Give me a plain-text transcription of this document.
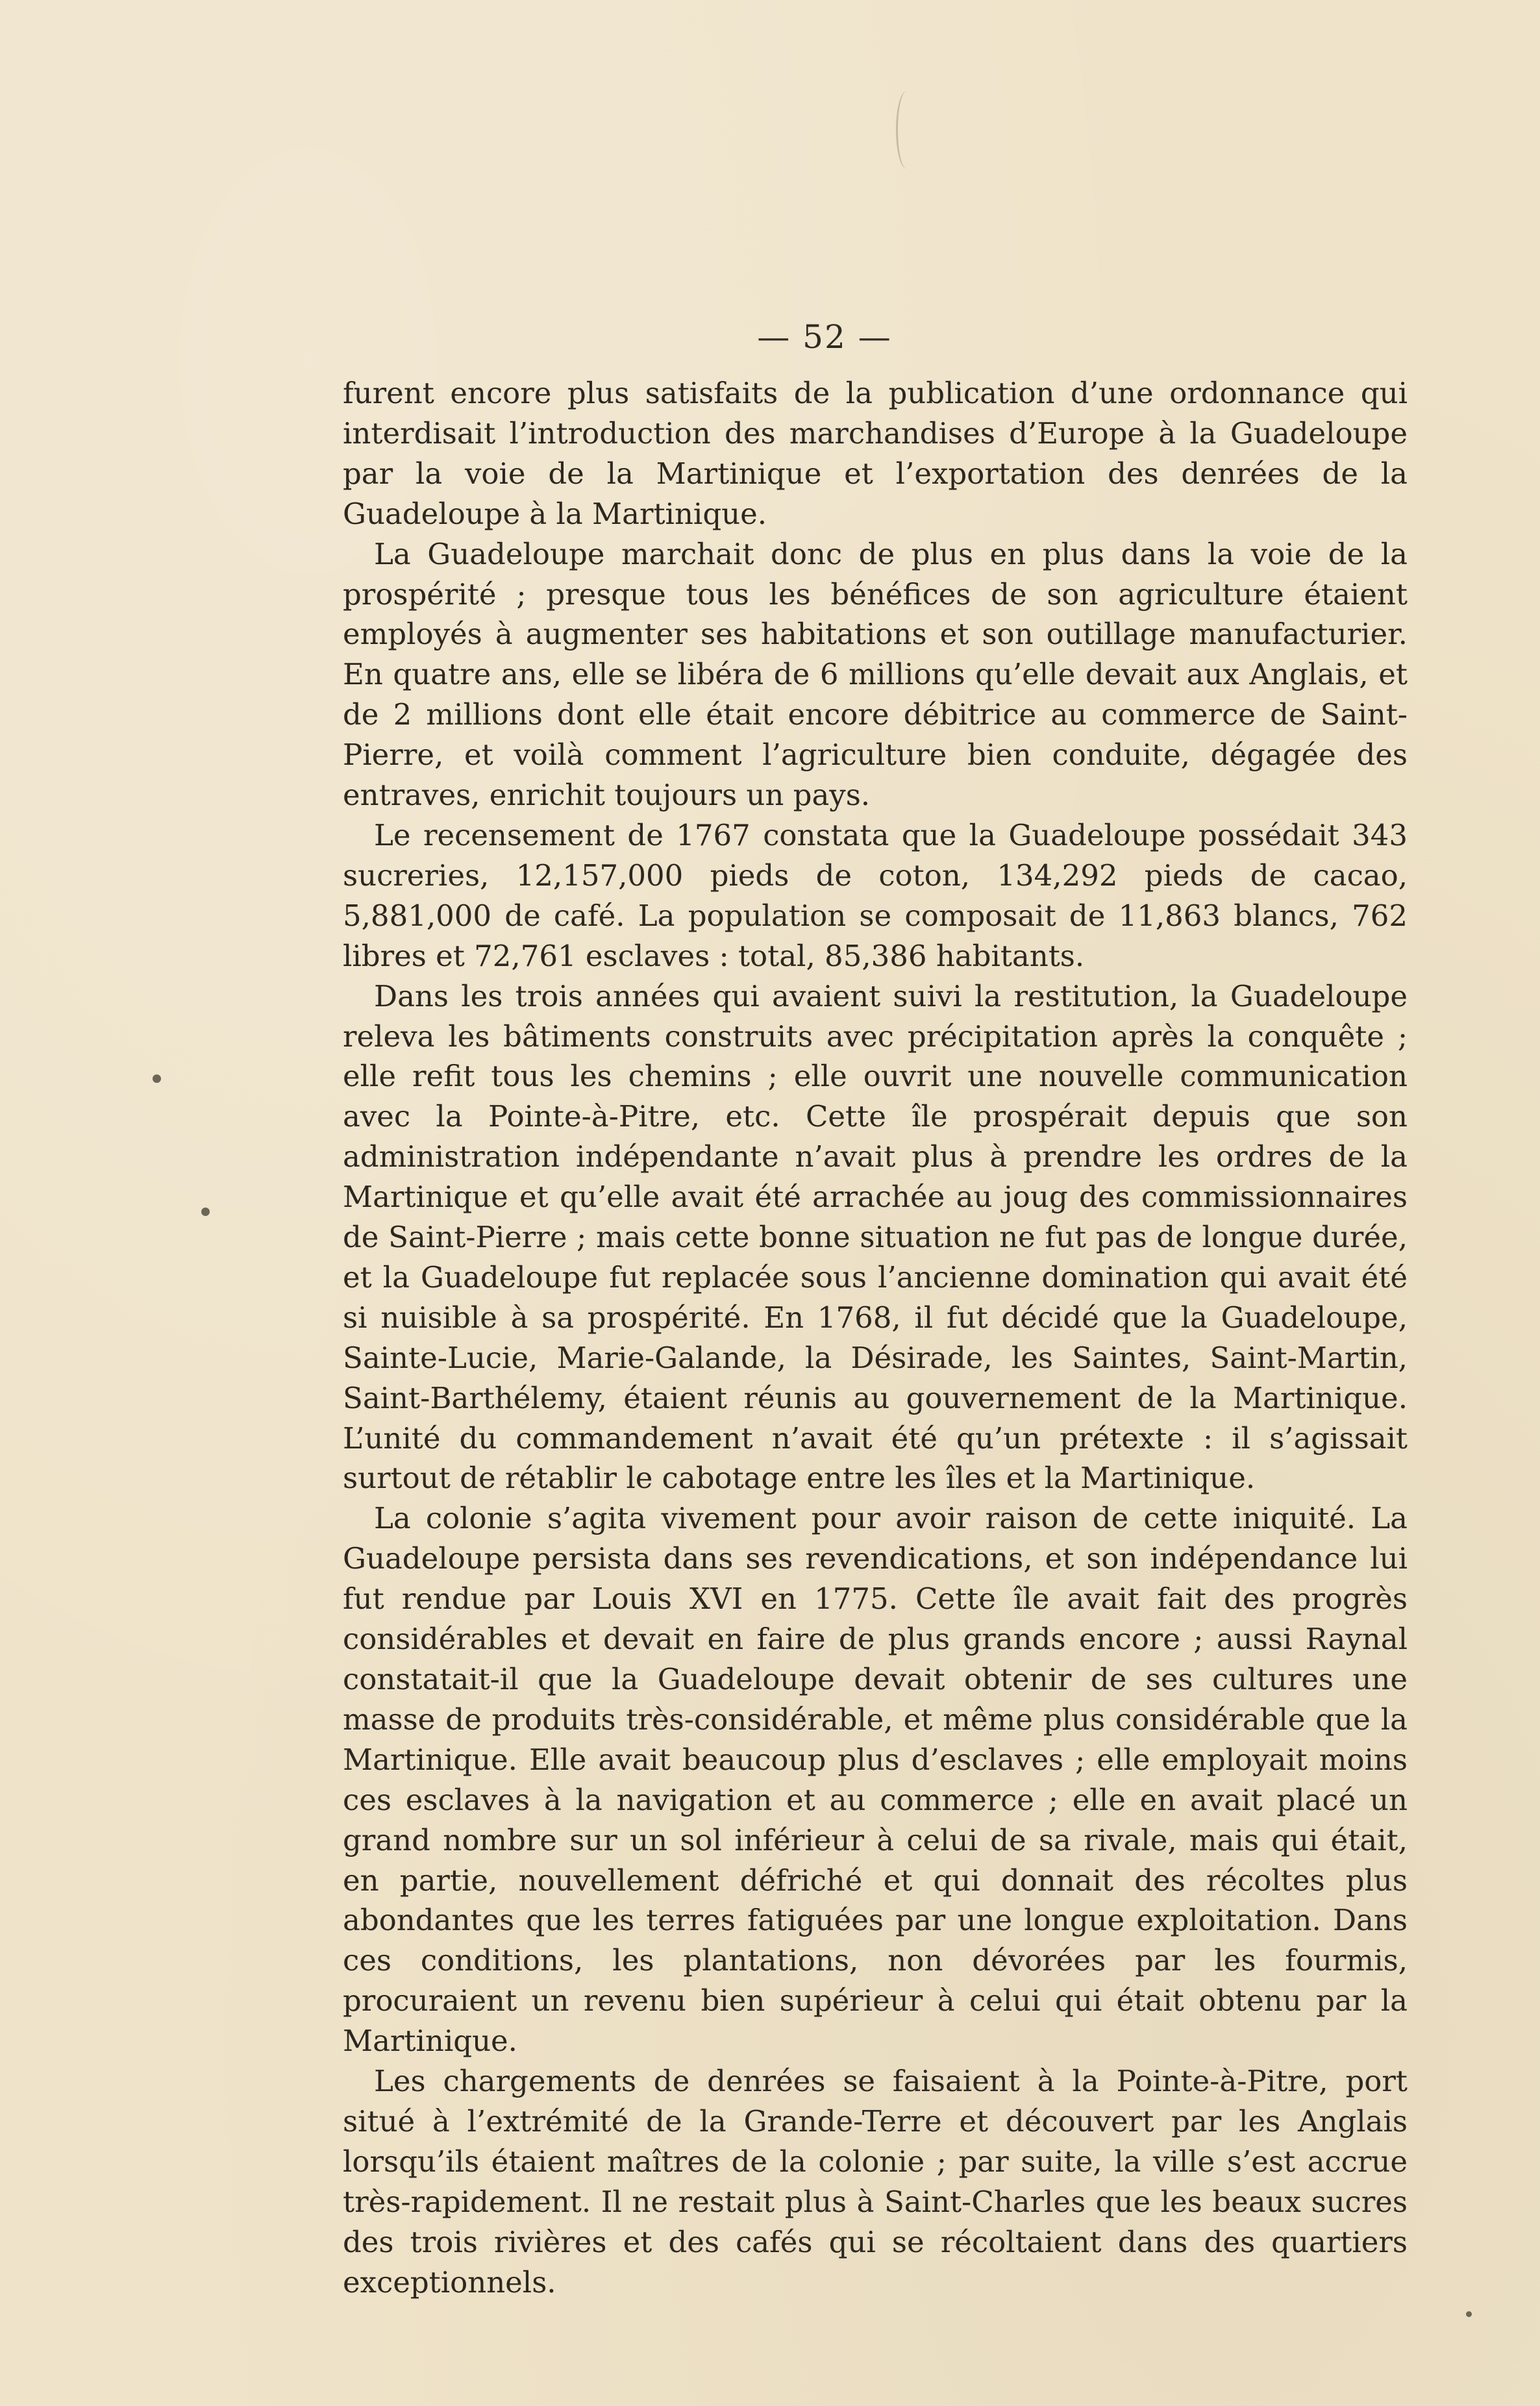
— 52 —

furent encore plus satisfaits de la publication d’une ordonnance qui interdisait l’introduction des marchandises d’Europe à la Guadeloupe par la voie de la Martinique et l’exportation des denrées de la Guadeloupe à la Martinique.

La Guadeloupe marchait donc de plus en plus dans la voie de la prospérité ; presque tous les bénéfices de son agriculture étaient employés à augmenter ses habitations et son outillage manufacturier. En quatre ans, elle se libéra de 6 millions qu’elle devait aux Anglais, et de 2 millions dont elle était encore débitrice au commerce de Saint-Pierre, et voilà comment l’agriculture bien conduite, dégagée des entraves, enrichit toujours un pays.

Le recensement de 1767 constata que la Guadeloupe possédait 343 sucreries, 12,157,000 pieds de coton, 134,292 pieds de cacao, 5,881,000 de café. La population se composait de 11,863 blancs, 762 libres et 72,761 esclaves : total, 85,386 habitants.

Dans les trois années qui avaient suivi la restitution, la Guadeloupe releva les bâtiments construits avec précipitation après la conquête ; elle refit tous les chemins ; elle ouvrit une nouvelle communication avec la Pointe-à-Pitre, etc. Cette île prospérait depuis que son administration indépendante n’avait plus à prendre les ordres de la Martinique et qu’elle avait été arrachée au joug des commissionnaires de Saint-Pierre ; mais cette bonne situation ne fut pas de longue durée, et la Guadeloupe fut replacée sous l’ancienne domination qui avait été si nuisible à sa prospérité. En 1768, il fut décidé que la Guadeloupe, Sainte-Lucie, Marie-Galande, la Désirade, les Saintes, Saint-Martin, Saint-Barthélemy, étaient réunis au gouvernement de la Martinique. L’unité du commandement n’avait été qu’un prétexte : il s’agissait surtout de rétablir le cabotage entre les îles et la Martinique.

La colonie s’agita vivement pour avoir raison de cette iniquité. La Guadeloupe persista dans ses revendications, et son indépendance lui fut rendue par Louis XVI en 1775. Cette île avait fait des progrès considérables et devait en faire de plus grands encore ; aussi Raynal constatait-il que la Guadeloupe devait obtenir de ses cultures une masse de produits très-considérable, et même plus considérable que la Martinique. Elle avait beaucoup plus d’esclaves ; elle employait moins ces esclaves à la navigation et au commerce ; elle en avait placé un grand nombre sur un sol inférieur à celui de sa rivale, mais qui était, en partie, nouvellement défriché et qui donnait des récoltes plus abondantes que les terres fatiguées par une longue exploitation. Dans ces conditions, les plantations, non dévorées par les fourmis, procuraient un revenu bien supérieur à celui qui était obtenu par la Martinique.

Les chargements de denrées se faisaient à la Pointe-à-Pitre, port situé à l’extrémité de la Grande-Terre et découvert par les Anglais lorsqu’ils étaient maîtres de la colonie ; par suite, la ville s’est accrue très-rapidement. Il ne restait plus à Saint-Charles que les beaux sucres des trois rivières et des cafés qui se récoltaient dans des quartiers exceptionnels.
